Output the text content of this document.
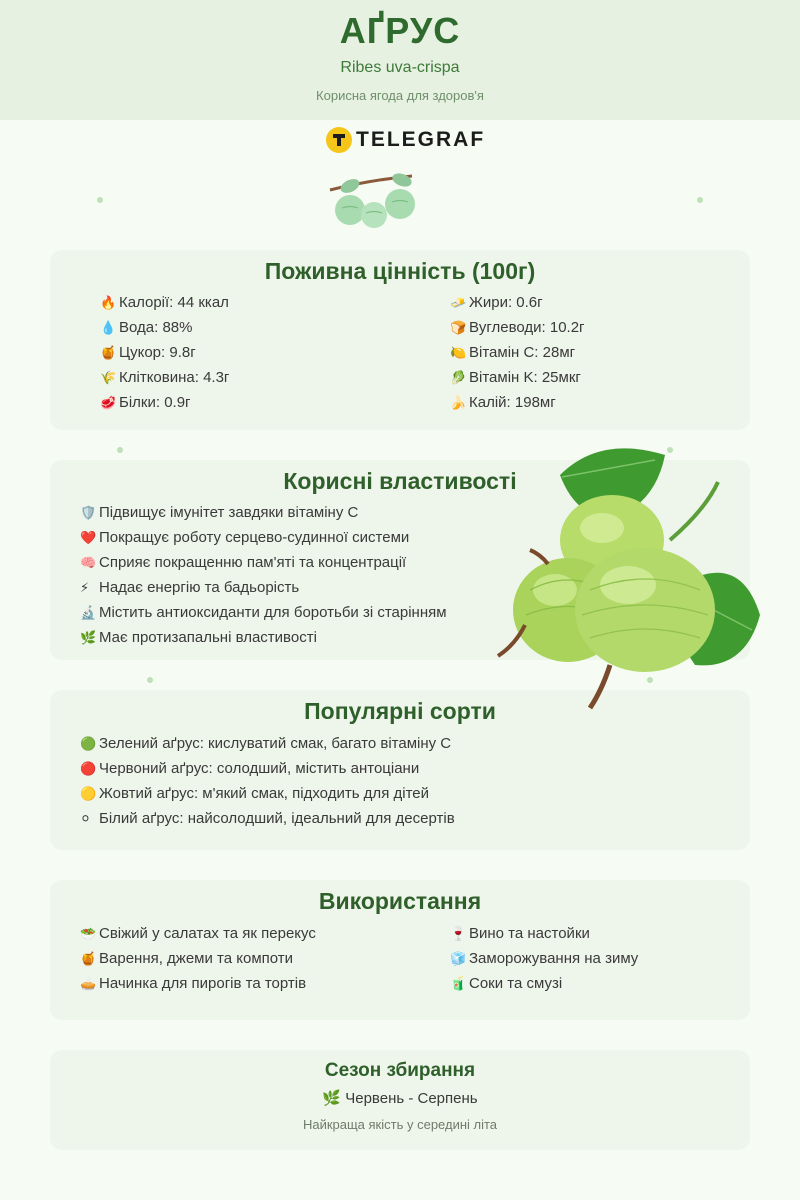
АҐРУС
Ribes uva-crispa
Корисна ягода для здоров'я
TELEGRAF
Поживна цінність (100г)
🔥 Калорії: 44 ккал
💧 Вода: 88%
🍯 Цукор: 9.8г
🌾 Клітковина: 4.3г
🥩 Білки: 0.9г
🧈 Жири: 0.6г
🍞 Вуглеводи: 10.2г
🍋 Вітамін C: 28мг
🥬 Вітамін K: 25мкг
🍌 Калій: 198мг
Корисні властивості
🛡️ Підвищує імунітет завдяки вітаміну C
❤️ Покращує роботу серцево-судинної системи
🧠 Сприяє покращенню пам'яті та концентрації
⚡ Надає енергію та бадьорість
🔬 Містить антиоксиданти для боротьби зі старінням
🌿 Має протизапальні властивості
Популярні сорти
🟢 Зелений аґрус: кислуватий смак, багато вітаміну C
🔴 Червоний аґрус: солодший, містить антоціани
🟡 Жовтий аґрус: м'який смак, підходить для дітей
⚪ Білий аґрус: найсолодший, ідеальний для десертів
Використання
🥗 Свіжий у салатах та як перекус
🍯 Варення, джеми та компоти
🥧 Начинка для пирогів та тортів
🍷 Вино та настойки
🧊 Заморожування на зиму
🧃 Соки та смузі
Сезон збирання
🌿 Червень - Серпень
Найкраща якість у середині літа
